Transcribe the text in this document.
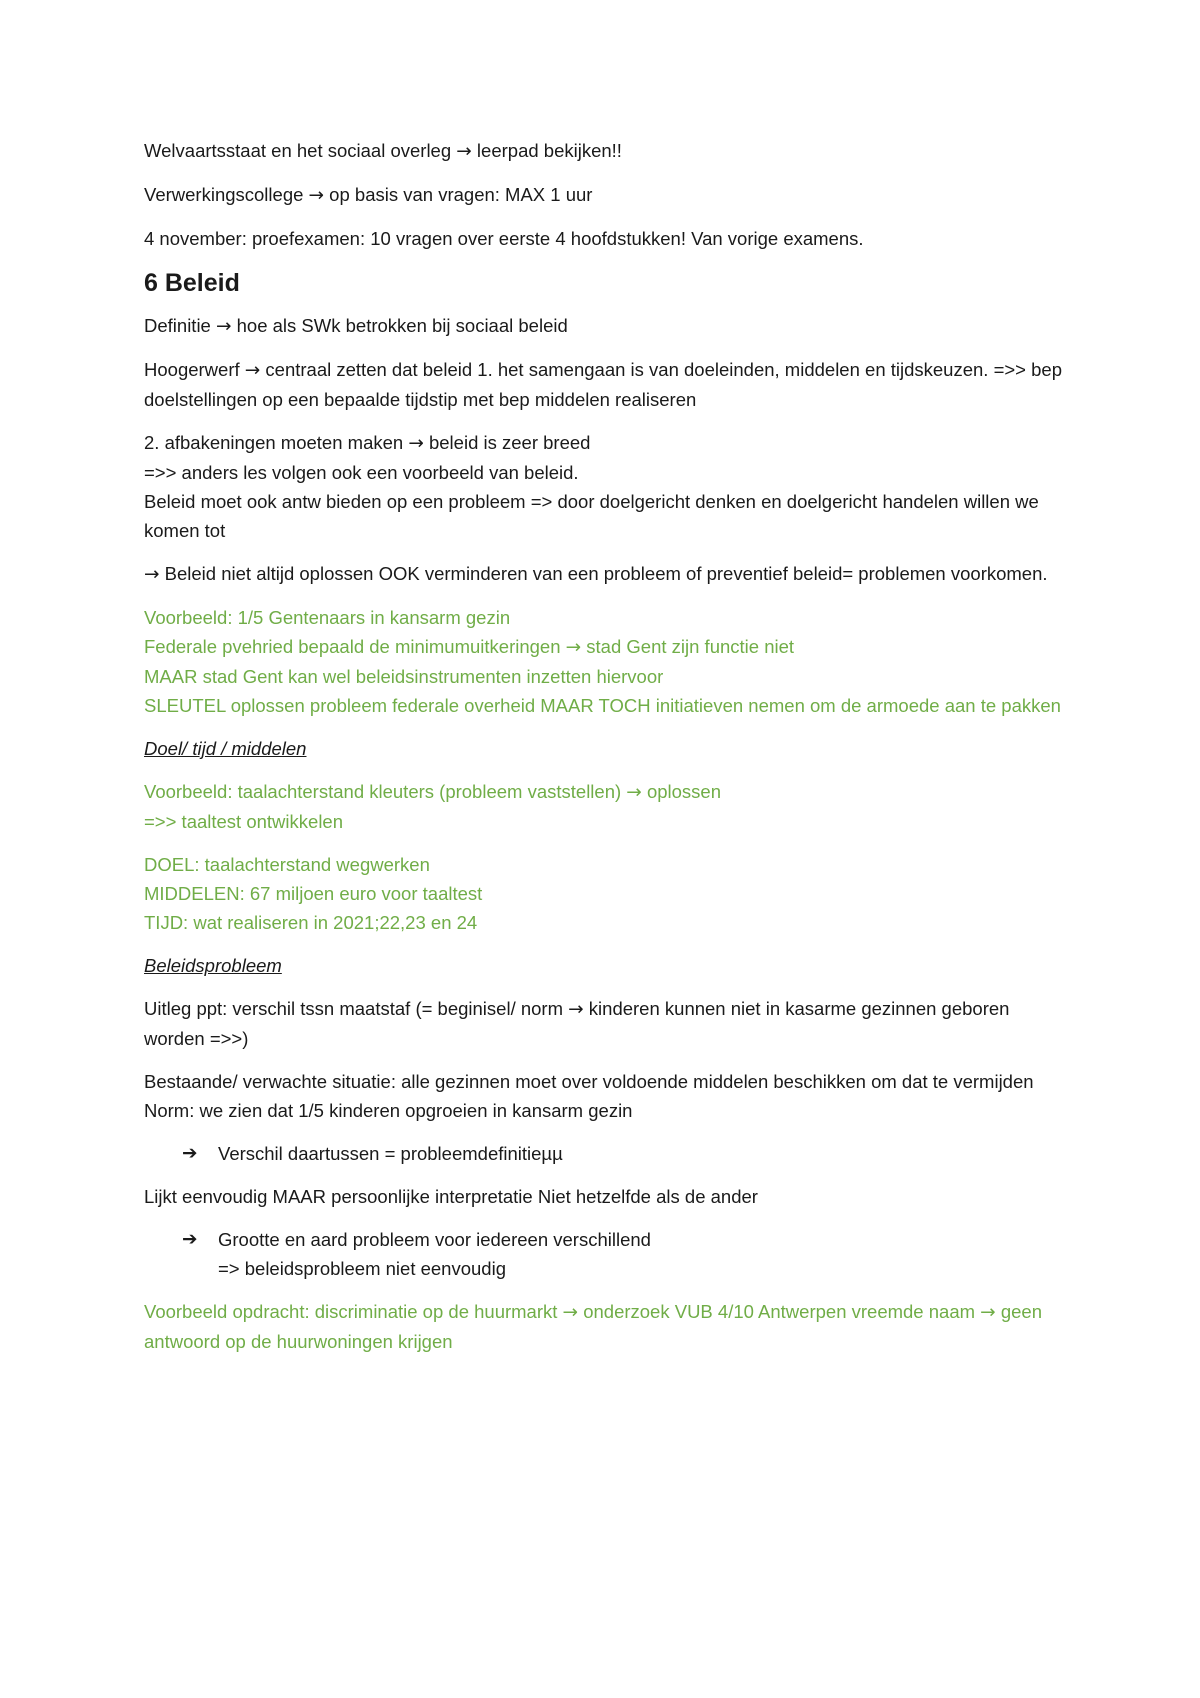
Welvaartsstaat en het sociaal overleg → leerpad bekijken!!

Verwerkingscollege → op basis van vragen: MAX 1 uur

4 november: proefexamen: 10 vragen over eerste 4 hoofdstukken! Van vorige examens.

6 Beleid

Definitie → hoe als SWk betrokken bij sociaal beleid

Hoogerwerf → centraal zetten dat beleid 1. het samengaan is van doeleinden, middelen en tijdskeuzen. =>> bep doelstellingen op een bepaalde tijdstip met bep middelen realiseren

2. afbakeningen moeten maken → beleid is zeer breed
=>> anders les volgen ook een voorbeeld van beleid.
Beleid moet ook antw bieden op een probleem => door doelgericht denken en doelgericht handelen willen we komen tot

→ Beleid niet altijd oplossen OOK verminderen van een probleem of preventief beleid= problemen voorkomen.

Voorbeeld: 1/5 Gentenaars in kansarm gezin
Federale pvehried bepaald de minimumuitkeringen → stad Gent zijn functie niet
MAAR stad Gent kan wel beleidsinstrumenten inzetten hiervoor
SLEUTEL oplossen probleem federale overheid MAAR TOCH initiatieven nemen om de armoede aan te pakken

Doel/ tijd / middelen

Voorbeeld: taalachterstand kleuters (probleem vaststellen) → oplossen
=>> taaltest ontwikkelen

DOEL: taalachterstand wegwerken
MIDDELEN: 67 miljoen euro voor taaltest
TIJD: wat realiseren in 2021;22,23 en 24

Beleidsprobleem

Uitleg ppt: verschil tssn maatstaf (= beginisel/ norm → kinderen kunnen niet in kasarme gezinnen geboren worden =>>)

Bestaande/ verwachte situatie: alle gezinnen moet over voldoende middelen beschikken om dat te vermijden
Norm: we zien dat 1/5 kinderen opgroeien in kansarm gezin

➔ Verschil daartussen = probleemdefinitieµµ

Lijkt eenvoudig MAAR persoonlijke interpretatie Niet hetzelfde als de ander

➔ Grootte en aard probleem voor iedereen verschillend
=> beleidsprobleem niet eenvoudig

Voorbeeld opdracht: discriminatie op de huurmarkt → onderzoek VUB 4/10 Antwerpen vreemde naam → geen antwoord op de huurwoningen krijgen
